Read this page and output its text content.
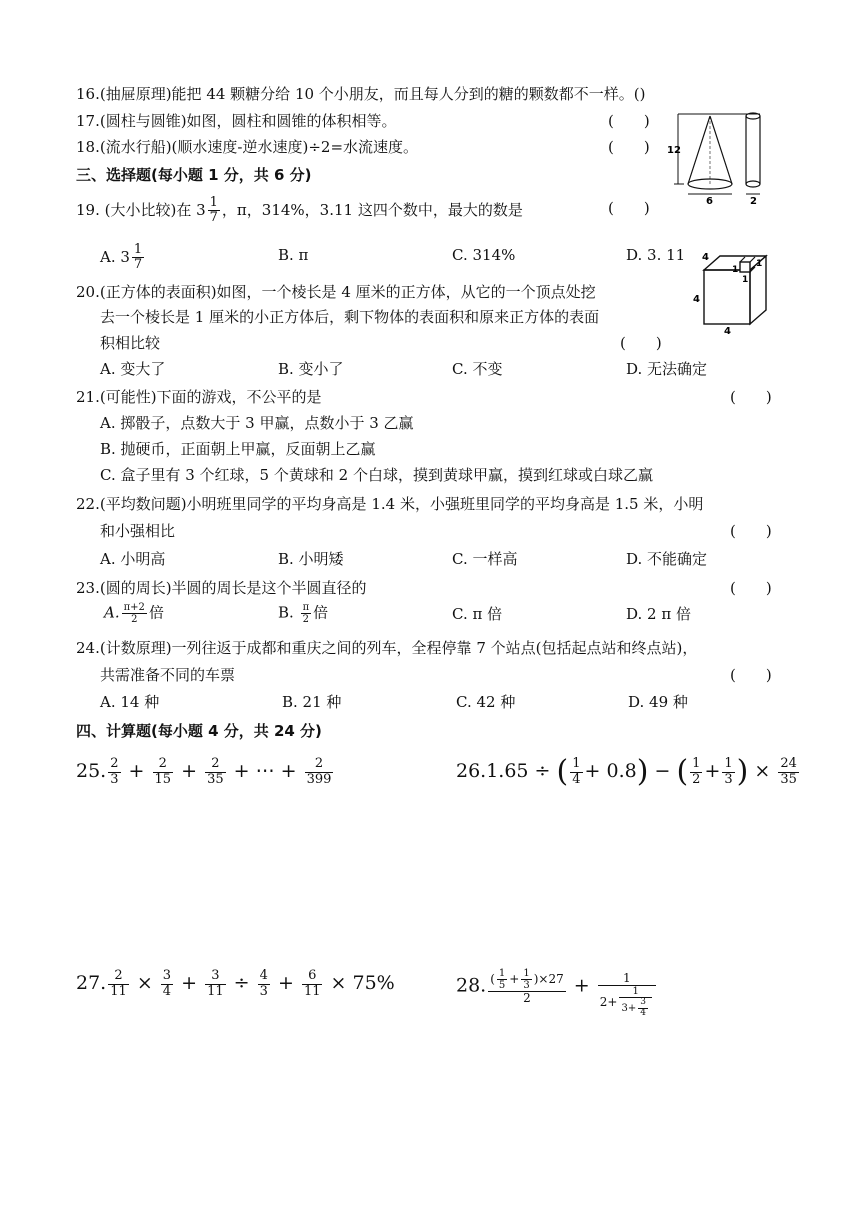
16.(抽屉原理)能把 44 颗糖分给 10 个小朋友，而且每人分到的糖的颗数都不一样。()
17.(圆柱与圆锥)如图，圆柱和圆锥的体积相等。	(　　)
18.(流水行船)(顺水速度-逆水速度)÷2=水流速度。	(　　) 12
6	2
三、选择题(每小题 1 分，共 6 分)
19. (大小比较)在 $3 \frac{1}{7}$ ，π，314%，3.11 这四个数中，最大的数是	(　　)
A. $3 \frac{1}{7}$	B. π	C. 314%	D. 3. 11 4
4
4
1
1
1
20.(正方体的表面积)如图，一个棱长是 4 厘米的正方体，从它的一个顶点处挖
去一个棱长是 1 厘米的小正方体后，剩下物体的表面积和原来正方体的表面
积相比较	(　　)
A. 变大了	B. 变小了	C. 不变	D. 无法确定
21.(可能性)下面的游戏，不公平的是	(　　)
A. 掷骰子，点数大于 3 甲赢，点数小于 3 乙赢
B. 抛硬币，正面朝上甲赢，反面朝上乙赢
C. 盒子里有 3 个红球，5 个黄球和 2 个白球，摸到黄球甲赢，摸到红球或白球乙赢
22.(平均数问题)小明班里同学的平均身高是 1.4 米，小强班里同学的平均身高是 1.5 米，小明
和小强相比	(　　)
A. 小明高	B. 小明矮	C. 一样高	D. 不能确定
23.(圆的周长)半圆的周长是这个半圆直径的	(　　)
A. $\frac{\pi+2}{2}$ 倍	B. $\frac{\pi}{2}$ 倍	C. π 倍	D. 2 π 倍
24.(计数原理)一列往返于成都和重庆之间的列车，全程停靠 7 个站点(包括起点站和终点站)，
共需准备不同的车票	(　　)
A. 14 种	B. 21 种	C. 42 种	D. 49 种
四、计算题(每小题 4 分，共 24 分)
25. $\frac{2}{3} + \frac{2}{15} + \frac{2}{35}$ + ⋯ + $\frac{2}{399}$	26.1.65 ÷ ( $\frac{1}{4} + 0.8$) − ( $\frac{1}{2} + \frac{1}{3}$ ) × $\frac{24}{35}$
27. $\frac{2}{11} \times \frac{3}{4} + \frac{3}{11} \div \frac{4}{3} + \frac{6}{11} \times 75\%$	28. $\frac{( \frac{1}{5} + \frac{1}{3} )\times 27}{2} + \frac{1}{2+ \frac{1}{3+ \frac{3}{4}}}$
